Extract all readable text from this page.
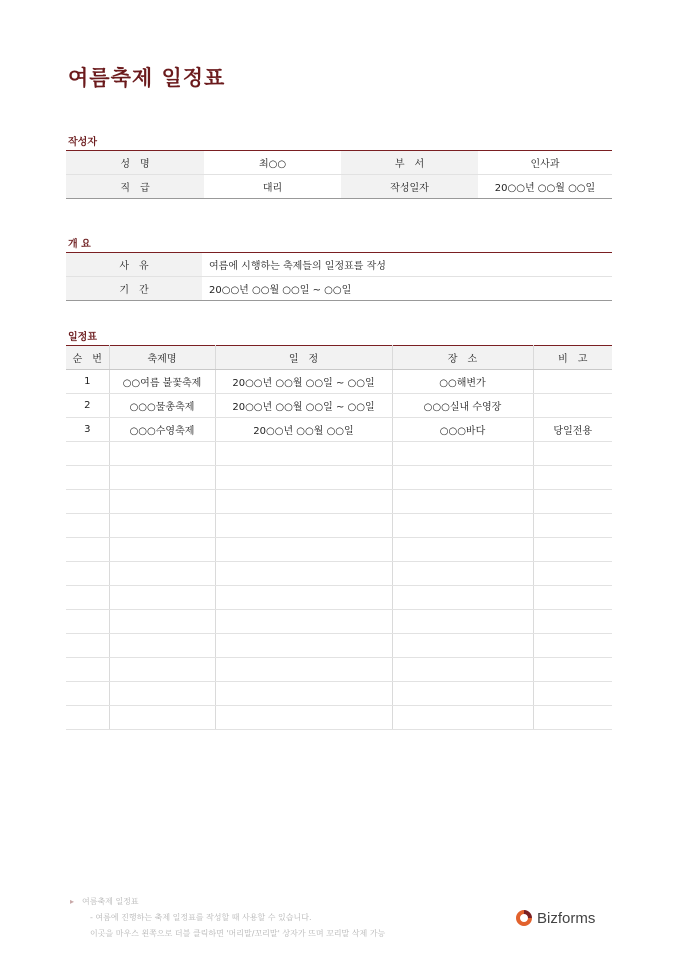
여름축제 일정표
작성자
성　명	최○○	부　서	인사과
직　급	대리	작성일자	20○○년 ○○월 ○○일
개 요
사　유	여름에 시행하는 축제들의 일정표를 작성
기　간	20○○년 ○○월 ○○일 ~ ○○일
일정표
순　번	축제명	일　정	장　소	비　고
1	○○여름 불꽃축제	20○○년 ○○월 ○○일 ~ ○○일	○○해변가	
2	○○○물총축제	20○○년 ○○월 ○○일 ~ ○○일	○○○실내 수영장	
3	○○○수영축제	20○○년 ○○월 ○○일	○○○바다	당일전용

▸ 여름축제 일정표
- 여름에 진행하는 축제 일정표를 작성할 때 사용할 수 있습니다.
이곳을 마우스 왼쪽으로 더블 클릭하면 '머리말/꼬리말' 상자가 뜨며 꼬리말 삭제 가능
Bizforms
